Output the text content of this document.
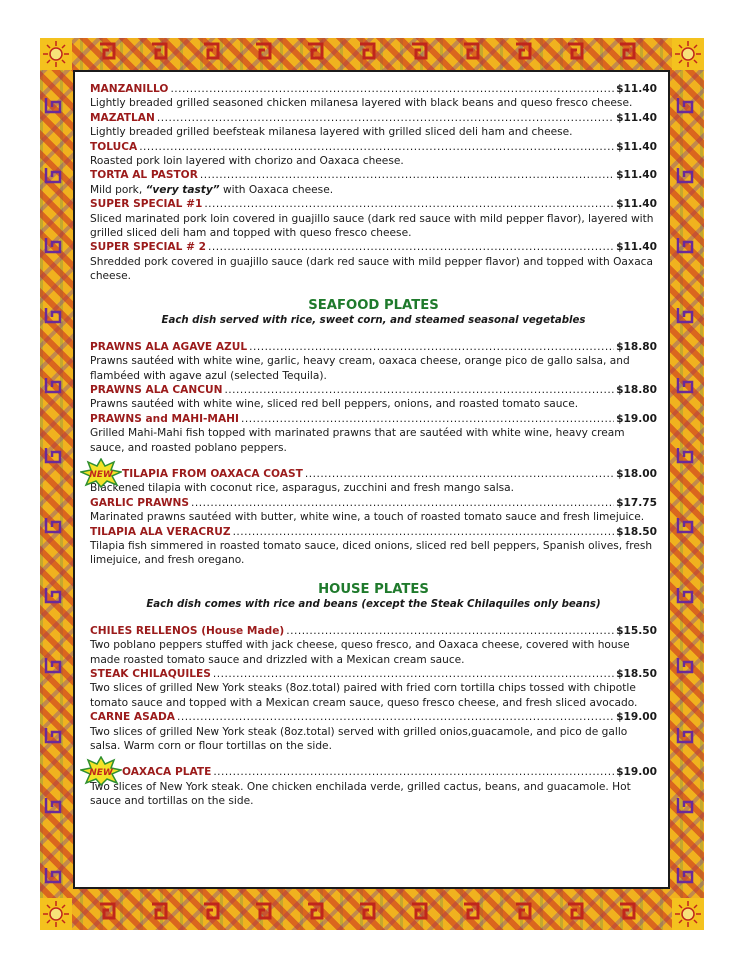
MANZANILLO .....	$11.40
Lightly breaded grilled seasoned chicken milanesa layered with black beans and queso fresco cheese.
MAZATLAN .....	$11.40
Lightly breaded grilled beefsteak milanesa layered with grilled sliced deli ham and cheese.
TOLUCA .....	$11.40
Roasted pork loin layered with chorizo and Oaxaca cheese.
TORTA AL PASTOR .....	$11.40
Mild pork, “very tasty” with Oaxaca cheese.
SUPER SPECIAL #1 .....	$11.40
Sliced marinated pork loin covered in guajillo sauce (dark red sauce with mild pepper flavor), layered with grilled sliced deli ham and topped with queso fresco cheese.
SUPER SPECIAL # 2 .....	$11.40
Shredded pork covered in guajillo sauce (dark red sauce with mild pepper flavor) and topped with Oaxaca cheese.
SEAFOOD PLATES
Each dish served with rice, sweet corn, and steamed seasonal vegetables
PRAWNS ALA AGAVE AZUL .....	$18.80
Prawns sautéed with white wine, garlic, heavy cream, oaxaca cheese, orange pico de gallo salsa, and flambéed with agave azul (selected Tequila).
PRAWNS ALA CANCUN .....	$18.80
Prawns sautéed with white wine, sliced red bell peppers, onions, and roasted tomato sauce.
PRAWNS and MAHI-MAHI .....	$19.00
Grilled Mahi-Mahi fish topped with marinated prawns that are sautéed with white wine, heavy cream sauce, and roasted poblano peppers.
NEW TILAPIA FROM OAXACA COAST .....	$18.00
Blackened tilapia with coconut rice, asparagus, zucchini and fresh mango salsa.
GARLIC PRAWNS .....	$17.75
Marinated prawns sautéed with butter, white wine, a touch of roasted tomato sauce and fresh limejuice.
TILAPIA ALA VERACRUZ .....	$18.50
Tilapia fish simmered in roasted tomato sauce, diced onions, sliced red bell peppers, Spanish olives, fresh limejuice, and fresh oregano.
HOUSE PLATES
Each dish comes with rice and beans (except the Steak Chilaquiles only beans)
CHILES RELLENOS (House Made) .....	$15.50
Two poblano peppers stuffed with jack cheese, queso fresco, and Oaxaca cheese, covered with house made roasted tomato sauce and drizzled with a Mexican cream sauce.
STEAK CHILAQUILES .....	$18.50
Two slices of grilled New York steaks (8oz.total) paired with fried corn tortilla chips tossed with chipotle tomato sauce and topped with a Mexican cream sauce, queso fresco cheese, and fresh sliced avocado.
CARNE ASADA .....	$19.00
Two slices of grilled New York steak (8oz.total) served with grilled onios,guacamole, and pico de gallo salsa. Warm corn or flour tortillas on the side.
NEW OAXACA PLATE .....	$19.00
Two slices of New York steak. One chicken enchilada verde, grilled cactus, beans, and guacamole. Hot sauce and tortillas on the side.
